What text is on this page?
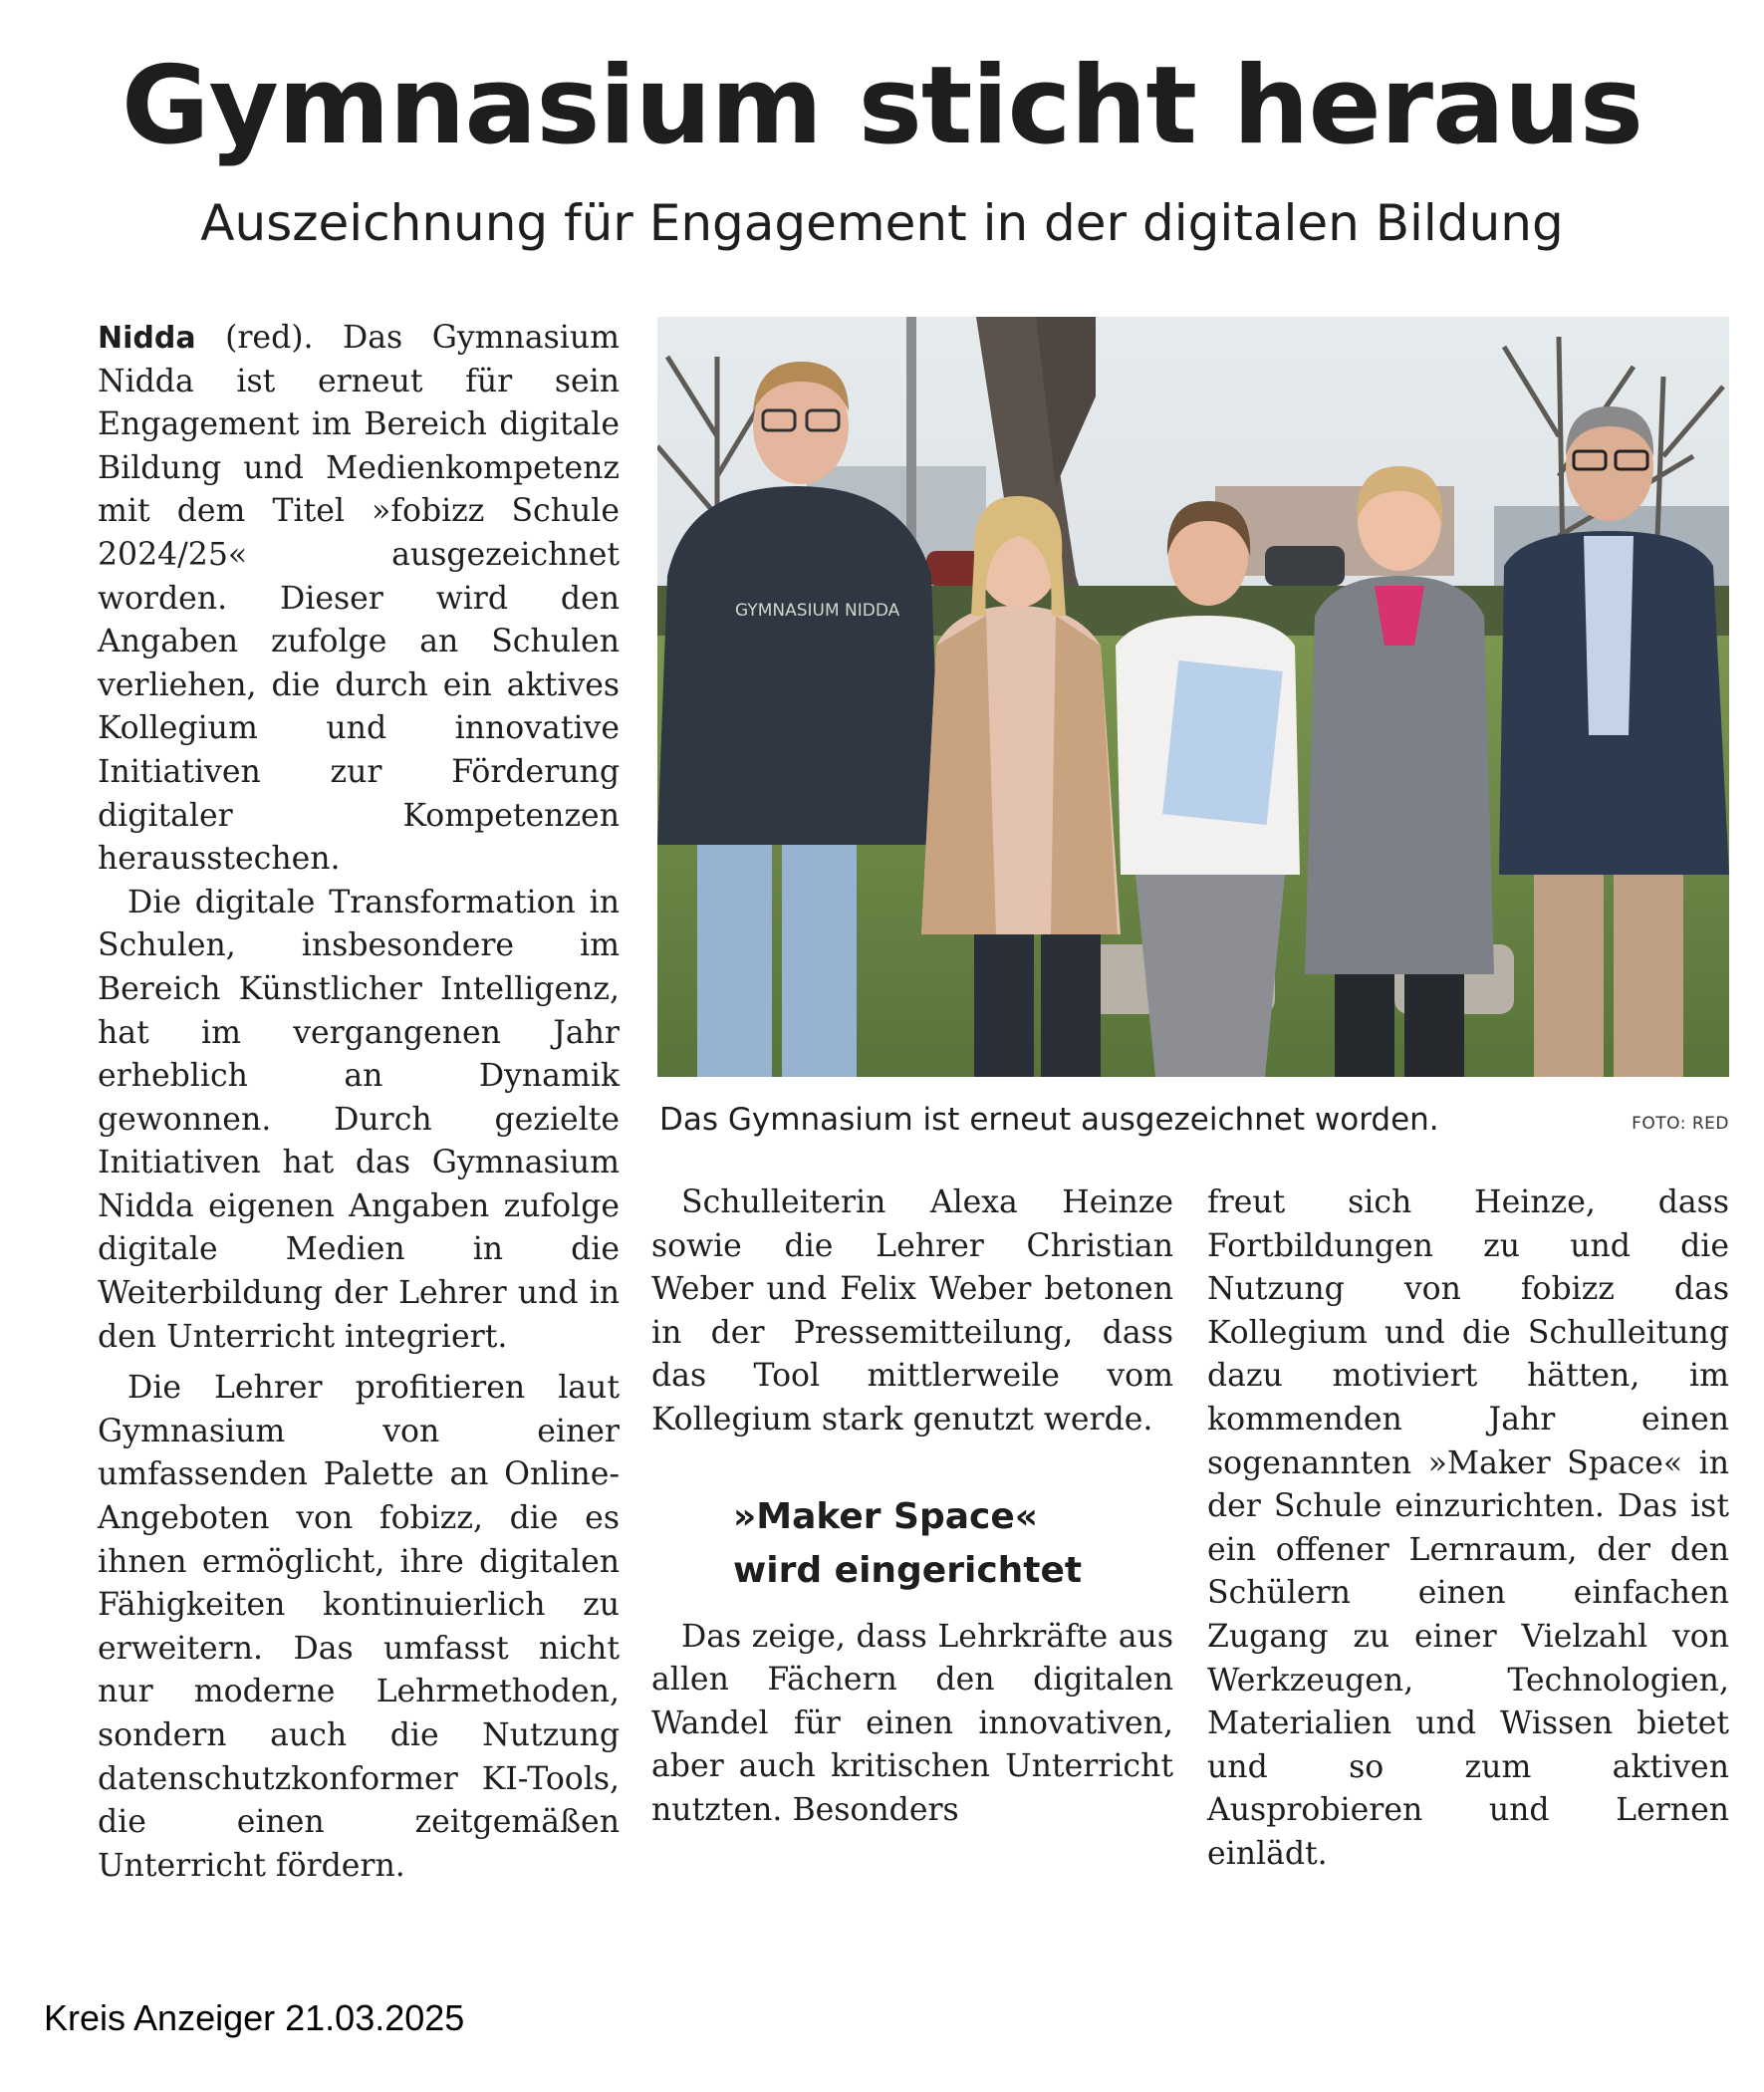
Gymnasium sticht heraus
Auszeichnung für Engagement in der digitalen Bildung

Nidda (red). Das Gymnasium Nidda ist erneut für sein Engagement im Bereich digitale Bildung und Medienkompetenz mit dem Titel »fobizz Schule 2024/25« ausgezeichnet worden. Dieser wird den Angaben zufolge an Schulen verliehen, die durch ein aktives Kollegium und innovative Initiativen zur Förderung digitaler Kompetenzen herausstechen.

Die digitale Transformation in Schulen, insbesondere im Bereich Künstlicher Intelligenz, hat im vergangenen Jahr erheblich an Dynamik gewonnen. Durch gezielte Initiativen hat das Gymnasium Nidda eigenen Angaben zufolge digitale Medien in die Weiterbildung der Lehrer und in den Unterricht integriert.

Die Lehrer profitieren laut Gymnasium von einer umfassenden Palette an Online-Angeboten von fobizz, die es ihnen ermöglicht, ihre digitalen Fähigkeiten kontinuierlich zu erweitern. Das umfasst nicht nur moderne Lehrmethoden, sondern auch die Nutzung datenschutzkonformer KI-Tools, die einen zeitgemäßen Unterricht fördern.

GYMNASIUM NIDDA
Das Gymnasium ist erneut ausgezeichnet worden.	FOTO: RED

Schulleiterin Alexa Heinze sowie die Lehrer Christian Weber und Felix Weber betonen in der Pressemitteilung, dass das Tool mittlerweile vom Kollegium stark genutzt werde.

»Maker Space«
wird eingerichtet

Das zeige, dass Lehrkräfte aus allen Fächern den digitalen Wandel für einen innovativen, aber auch kritischen Unterricht nutzten. Besonders

freut sich Heinze, dass Fortbildungen zu und die Nutzung von fobizz das Kollegium und die Schulleitung dazu motiviert hätten, im kommenden Jahr einen sogenannten »Maker Space« in der Schule einzurichten. Das ist ein offener Lernraum, der den Schülern einen einfachen Zugang zu einer Vielzahl von Werkzeugen, Technologien, Materialien und Wissen bietet und so zum aktiven Ausprobieren und Lernen einlädt.

Kreis Anzeiger 21.03.2025
